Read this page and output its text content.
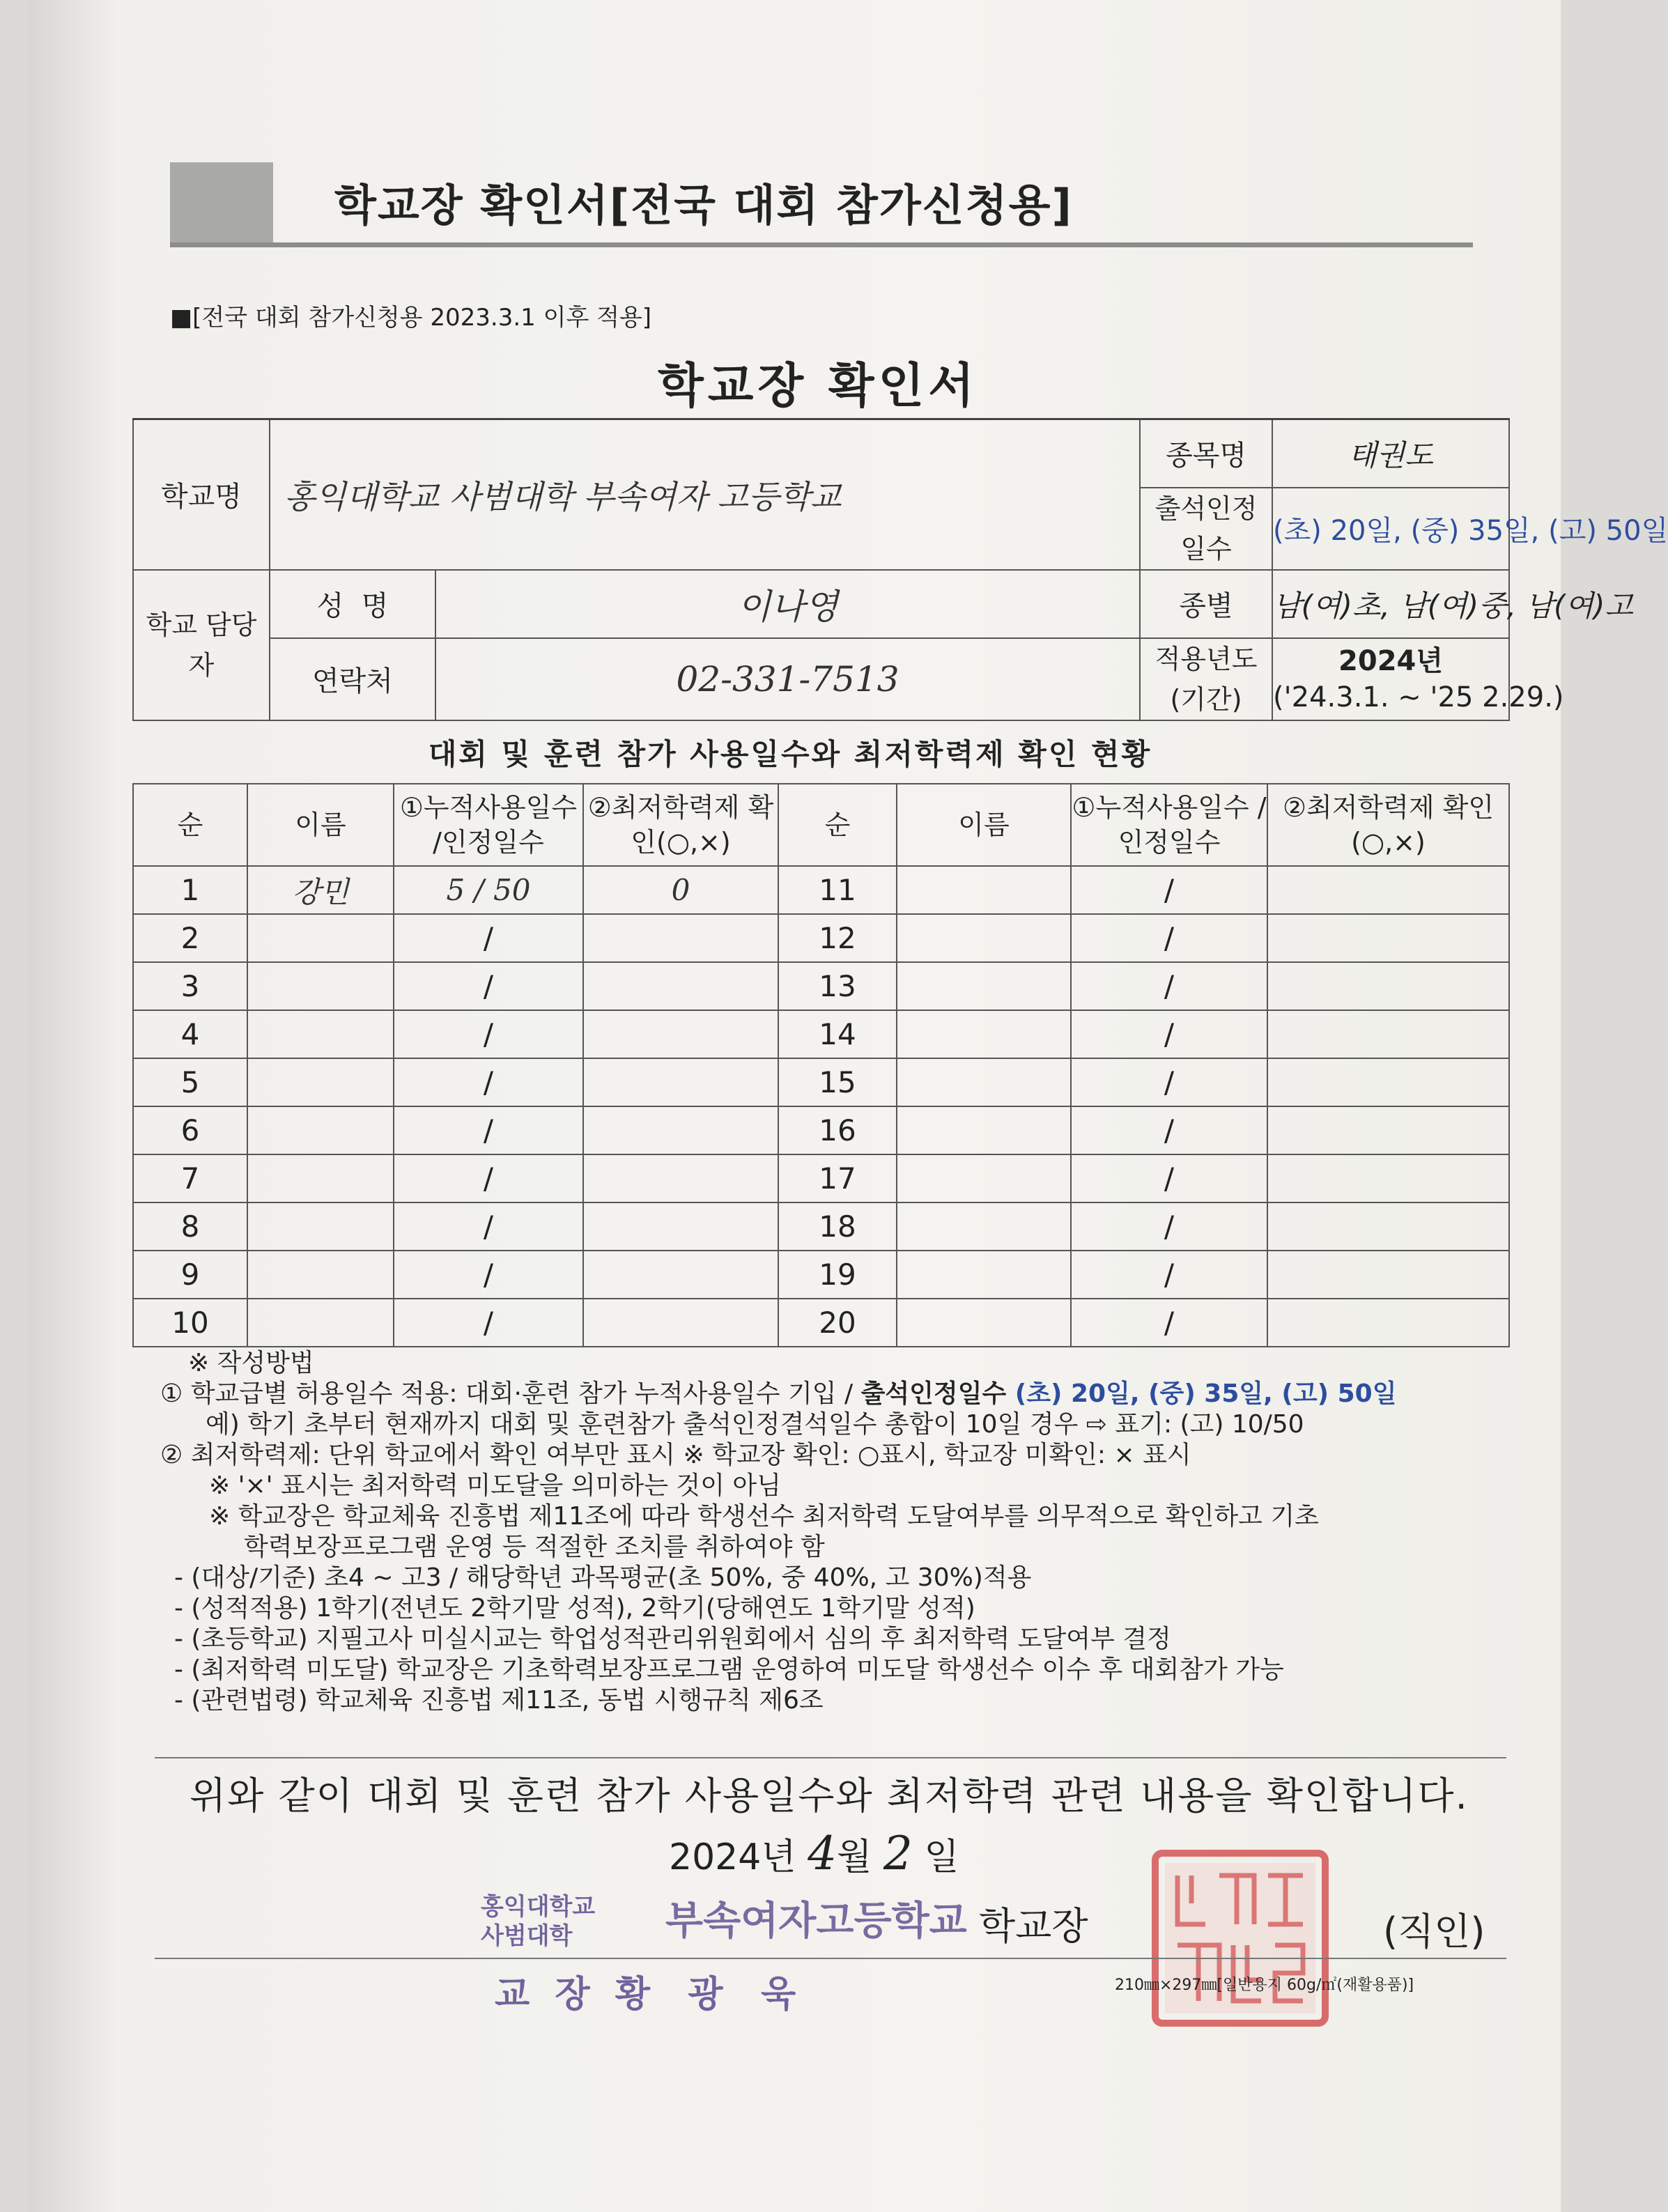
학교장 확인서[전국 대회 참가신청용]
■[전국 대회 참가신청용 2023.3.1 이후 적용]
학교장 확인서
학교명	홍익대학교 사범대학 부속여자 고등학교		종목명	태권도
			출석인정 일수	(초) 20일, (중) 35일, (고) 50일
학교 담당자	성  명	이나영	종별	남(여)초, 남(여)중, 남(여)고
	연락처	02-331-7513	적용년도 (기간)	2024년
('24.3.1. ~ '25 2.29.)
대회 및 훈련 참가 사용일수와 최저학력제 확인 현황
순	이름	①누적사용일수 /인정일수	②최저학력제 확인(○,×)	순	이름	①누적사용일수 /인정일수	②최저학력제 확인(○,×)
1	강민	5 / 50	0	11		/	
2		/		12		/	
3		/		13		/	
4		/		14		/	
5		/		15		/	
6		/		16		/	
7		/		17		/	
8		/		18		/	
9		/		19		/	
10		/		20		/	
※ 작성방법
① 학교급별 허용일수 적용: 대회·훈련 참가 누적사용일수 기입 / 출석인정일수 (초) 20일, (중) 35일, (고) 50일
예) 학기 초부터 현재까지 대회 및 훈련참가 출석인정결석일수 총합이 10일 경우 ⇨ 표기: (고) 10/50
② 최저학력제: 단위 학교에서 확인 여부만 표시 ※ 학교장 확인: ○표시, 학교장 미확인: × 표시
※ '×' 표시는 최저학력 미도달을 의미하는 것이 아님
※ 학교장은 학교체육 진흥법 제11조에 따라 학생선수 최저학력 도달여부를 의무적으로 확인하고 기초
학력보장프로그램 운영 등 적절한 조치를 취하여야 함
- (대상/기준) 초4 ~ 고3 / 해당학년 과목평균(초 50%, 중 40%, 고 30%)적용
- (성적적용) 1학기(전년도 2학기말 성적), 2학기(당해연도 1학기말 성적)
- (초등학교) 지필고사 미실시교는 학업성적관리위원회에서 심의 후 최저학력 도달여부 결정
- (최저학력 미도달) 학교장은 기초학력보장프로그램 운영하여 미도달 학생선수 이수 후 대회참가 가능
- (관련법령) 학교체육 진흥법 제11조, 동법 시행규칙 제6조
위와 같이 대회 및 훈련 참가 사용일수와 최저학력 관련 내용을 확인합니다.
2024년 4월 2 일
홍익대학교
사범대학 부속여자고등학교 학교장	(직인)
교  장  황   광   욱	210㎜×297㎜[일반용지 60g/㎡(재활용품)]
